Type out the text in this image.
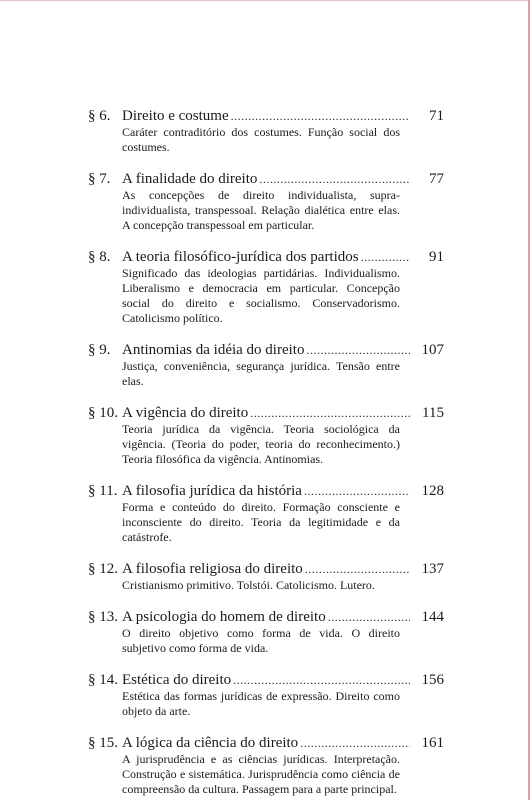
§ 6. Direito e costume .....	71
Caráter contraditório dos costumes. Função social dos costumes.
§ 7. A finalidade do direito .....	77
As concepções de direito individualista, supra-individualista, transpessoal. Relação dialética entre elas. A concepção transpessoal em particular.
§ 8. A teoria filosófico-jurídica dos partidos .....	91
Significado das ideologias partidárias. Individualismo. Liberalismo e democracia em particular. Concepção social do direito e socialismo. Conservadorismo. Catolicismo político.
§ 9. Antinomias da idéia do direito .....	107
Justiça, conveniência, segurança jurídica. Tensão entre elas.
§ 10. A vigência do direito .....	115
Teoria jurídica da vigência. Teoria sociológica da vigência. (Teoria do poder, teoria do reconhecimento.) Teoria filosófica da vigência. Antinomias.
§ 11. A filosofia jurídica da história .....	128
Forma e conteúdo do direito. Formação consciente e inconsciente do direito. Teoria da legitimidade e da catástrofe.
§ 12. A filosofia religiosa do direito .....	137
Cristianismo primitivo. Tolstói. Catolicismo. Lutero.
§ 13. A psicologia do homem de direito .....	144
O direito objetivo como forma de vida. O direito subjetivo como forma de vida.
§ 14. Estética do direito .....	156
Estética das formas jurídicas de expressão. Direito como objeto da arte.
§ 15. A lógica da ciência do direito .....	161
A jurisprudência e as ciências jurídicas. Interpretação. Construção e sistemática. Jurisprudência como ciência de compreensão da cultura. Passagem para a parte principal.
